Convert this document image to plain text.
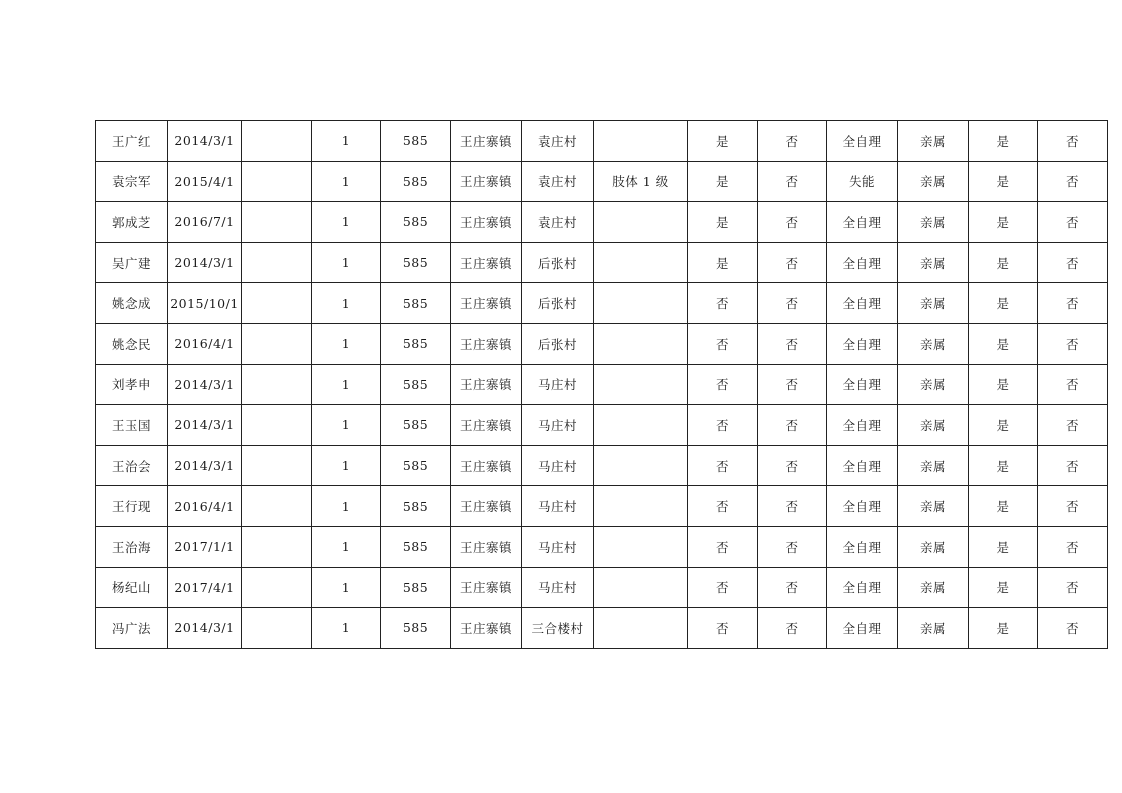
王广红	2014/3/1		1	585	王庄寨镇	袁庄村		是	否	全自理	亲属	是	否
袁宗军	2015/4/1		1	585	王庄寨镇	袁庄村	肢体 1 级	是	否	失能	亲属	是	否
郭成芝	2016/7/1		1	585	王庄寨镇	袁庄村		是	否	全自理	亲属	是	否
吴广建	2014/3/1		1	585	王庄寨镇	后张村		是	否	全自理	亲属	是	否
姚念成	2015/10/1		1	585	王庄寨镇	后张村		否	否	全自理	亲属	是	否
姚念民	2016/4/1		1	585	王庄寨镇	后张村		否	否	全自理	亲属	是	否
刘孝申	2014/3/1		1	585	王庄寨镇	马庄村		否	否	全自理	亲属	是	否
王玉国	2014/3/1		1	585	王庄寨镇	马庄村		否	否	全自理	亲属	是	否
王治会	2014/3/1		1	585	王庄寨镇	马庄村		否	否	全自理	亲属	是	否
王行现	2016/4/1		1	585	王庄寨镇	马庄村		否	否	全自理	亲属	是	否
王治海	2017/1/1		1	585	王庄寨镇	马庄村		否	否	全自理	亲属	是	否
杨纪山	2017/4/1		1	585	王庄寨镇	马庄村		否	否	全自理	亲属	是	否
冯广法	2014/3/1		1	585	王庄寨镇	三合楼村		否	否	全自理	亲属	是	否
